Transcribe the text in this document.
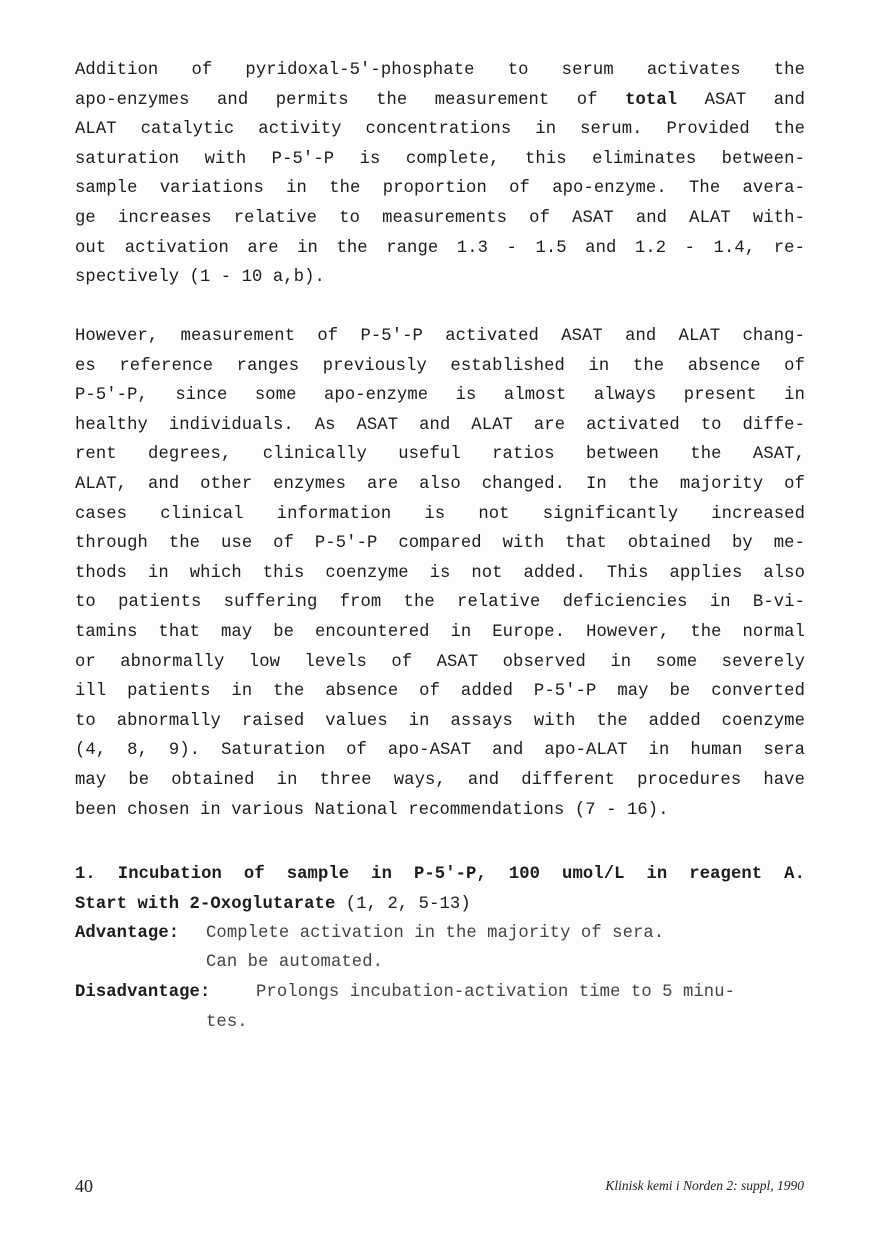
Addition of pyridoxal-5′-phosphate to serum activates the
apo-enzymes and permits the measurement of total ASAT and
ALAT catalytic activity concentrations in serum. Provided the
saturation with P-5′-P is complete, this eliminates between-
sample variations in the proportion of apo-enzyme. The avera-
ge increases relative to measurements of ASAT and ALAT with-
out activation are in the range 1.3 - 1.5 and 1.2 - 1.4, re-
spectively (1 - 10 a,b).
However, measurement of P-5′-P activated ASAT and ALAT chang-
es reference ranges previously established in the absence of
P-5′-P, since some apo-enzyme is almost always present in
healthy individuals. As ASAT and ALAT are activated to diffe-
rent degrees, clinically useful ratios between the ASAT,
ALAT, and other enzymes are also changed. In the majority of
cases clinical information is not significantly increased
through the use of P-5′-P compared with that obtained by me-
thods in which this coenzyme is not added. This applies also
to patients suffering from the relative deficiencies in B-vi-
tamins that may be encountered in Europe. However, the normal
or abnormally low levels of ASAT observed in some severely
ill patients in the absence of added P-5′-P may be converted
to abnormally raised values in assays with the added coenzyme
(4, 8, 9). Saturation of apo-ASAT and apo-ALAT in human sera
may be obtained in three ways, and different procedures have
been chosen in various National recommendations (7 - 16).
1. Incubation of sample in P-5′-P, 100 umol/L in reagent A.
Start with 2-Oxoglutarate (1, 2, 5-13)
Advantage: Complete activation in the majority of sera.
Can be automated.
Disadvantage:	Prolongs incubation-activation time to 5 minu-
tes.
40	Klinisk kemi i Norden 2: suppl, 1990
